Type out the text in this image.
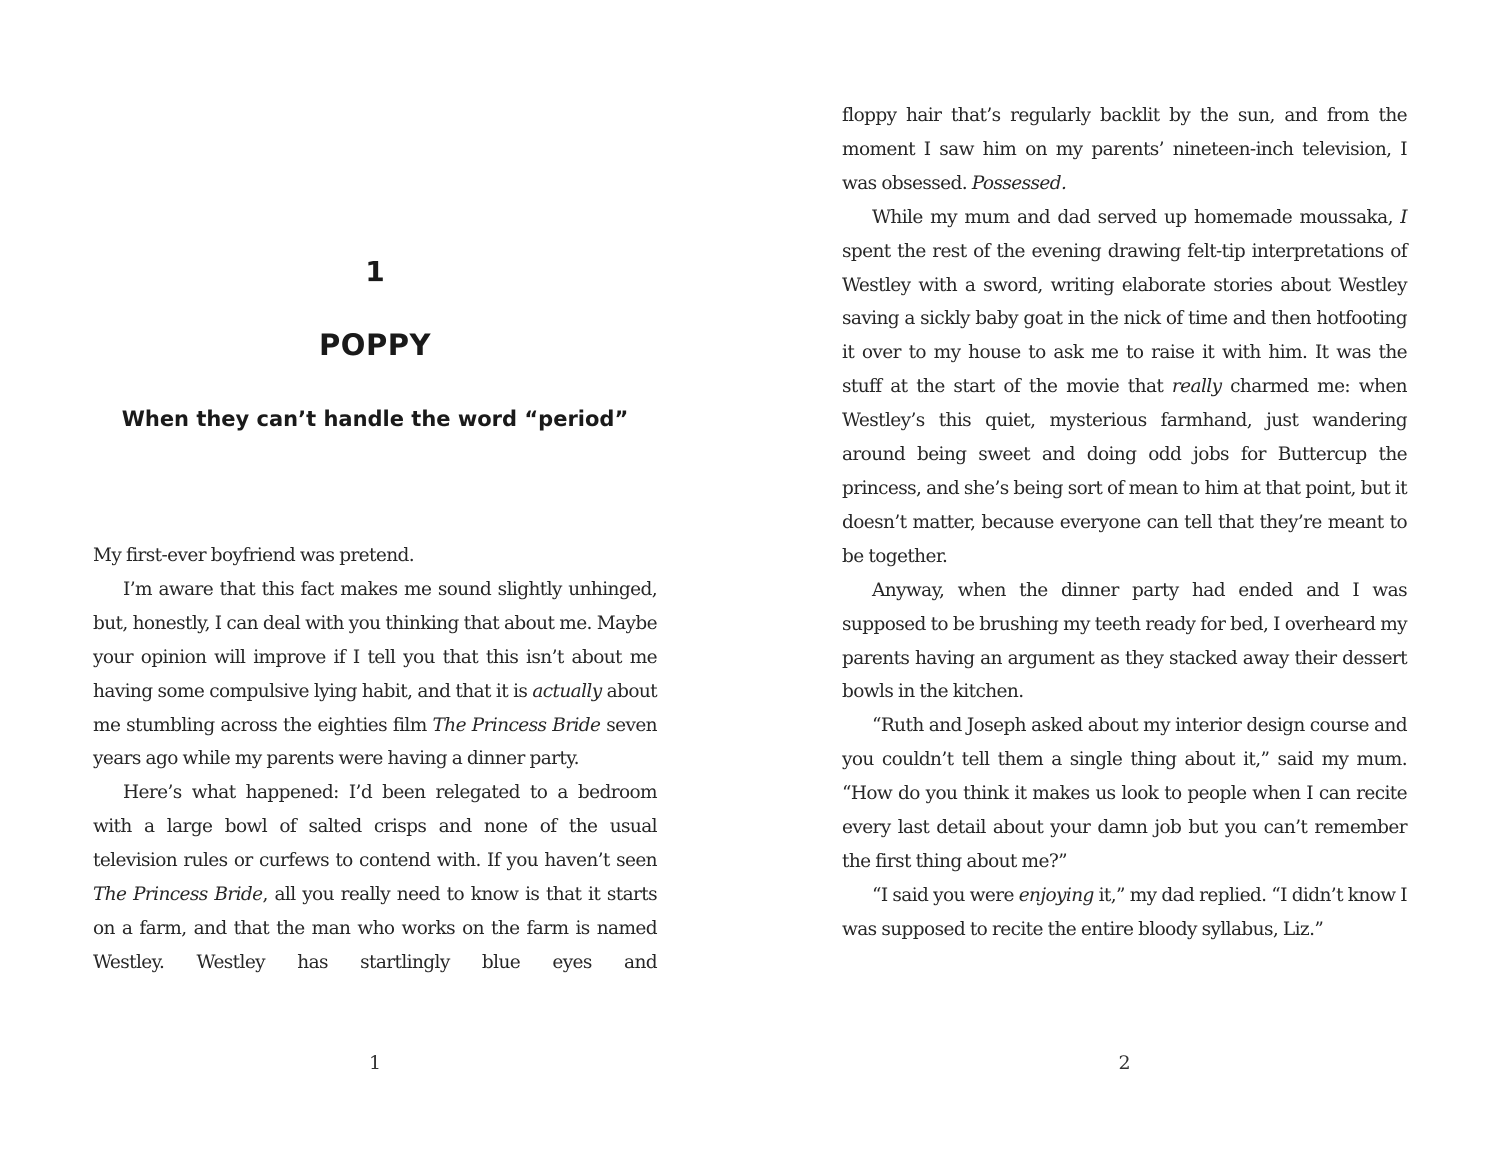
1
POPPY
When they can’t handle the word “period”

My first-ever boyfriend was pretend.

I’m aware that this fact makes me sound slightly unhinged, but, honestly, I can deal with you thinking that about me. Maybe your opinion will improve if I tell you that this isn’t about me having some compulsive lying habit, and that it is actually about me stumbling across the eighties film The Princess Bride seven years ago while my parents were having a dinner party.

Here’s what happened: I’d been relegated to a bedroom with a large bowl of salted crisps and none of the usual television rules or curfews to contend with. If you haven’t seen The Princess Bride, all you really need to know is that it starts on a farm, and that the man who works on the farm is named Westley. Westley has startlingly blue eyes and

1

floppy hair that’s regularly backlit by the sun, and from the moment I saw him on my parents’ nineteen-inch television, I was obsessed. Possessed.

While my mum and dad served up homemade moussaka, I spent the rest of the evening drawing felt-tip interpretations of Westley with a sword, writing elaborate stories about Westley saving a sickly baby goat in the nick of time and then hotfooting it over to my house to ask me to raise it with him. It was the stuff at the start of the movie that really charmed me: when Westley’s this quiet, mysterious farmhand, just wandering around being sweet and doing odd jobs for Buttercup the princess, and she’s being sort of mean to him at that point, but it doesn’t matter, because everyone can tell that they’re meant to be together.

Anyway, when the dinner party had ended and I was supposed to be brushing my teeth ready for bed, I overheard my parents having an argument as they stacked away their dessert bowls in the kitchen.

“Ruth and Joseph asked about my interior design course and you couldn’t tell them a single thing about it,” said my mum. “How do you think it makes us look to people when I can recite every last detail about your damn job but you can’t remember the first thing about me?”

“I said you were enjoying it,” my dad replied. “I didn’t know I was supposed to recite the entire bloody syllabus, Liz.”

2
